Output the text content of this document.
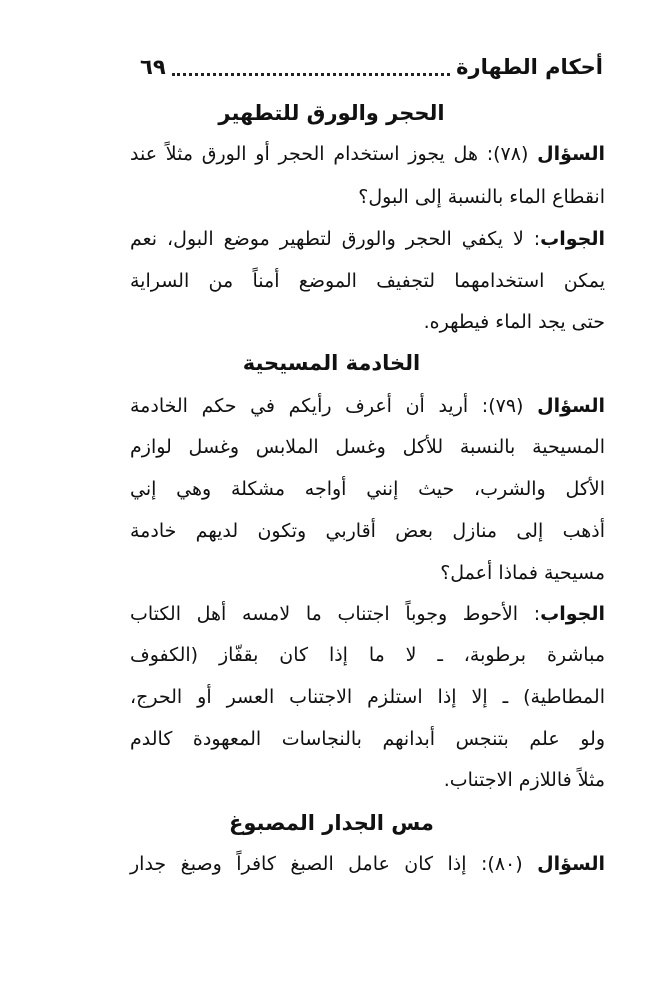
أحكام الطهارة
٦٩
الحجر والورق للتطهير
السؤال (٧٨): هل يجوز استخدام الحجر أو الورق مثلاً عند
انقطاع الماء بالنسبة إلى البول؟
الجواب: لا يكفي الحجر والورق لتطهير موضع البول، نعم
يمكن استخدامهما لتجفيف الموضع أمناً من السراية
حتى يجد الماء فيطهره.
الخادمة المسيحية
السؤال (٧٩): أريد أن أعرف رأيكم في حكم الخادمة
المسيحية بالنسبة للأكل وغسل الملابس وغسل لوازم
الأكل والشرب، حيث إنني أواجه مشكلة وهي إني
أذهب إلى منازل بعض أقاربي وتكون لديهم خادمة
مسيحية فماذا أعمل؟
الجواب: الأحوط وجوباً اجتناب ما لامسه أهل الكتاب
مباشرة برطوبة، ـ لا ما إذا كان بقفّاز (الكفوف
المطاطية) ـ إلا إذا استلزم الاجتناب العسر أو الحرج،
ولو علم بتنجس أبدانهم بالنجاسات المعهودة كالدم
مثلاً فاللازم الاجتناب.
مس الجدار المصبوغ
السؤال (٨٠): إذا كان عامل الصبغ كافراً وصبغ جدار
